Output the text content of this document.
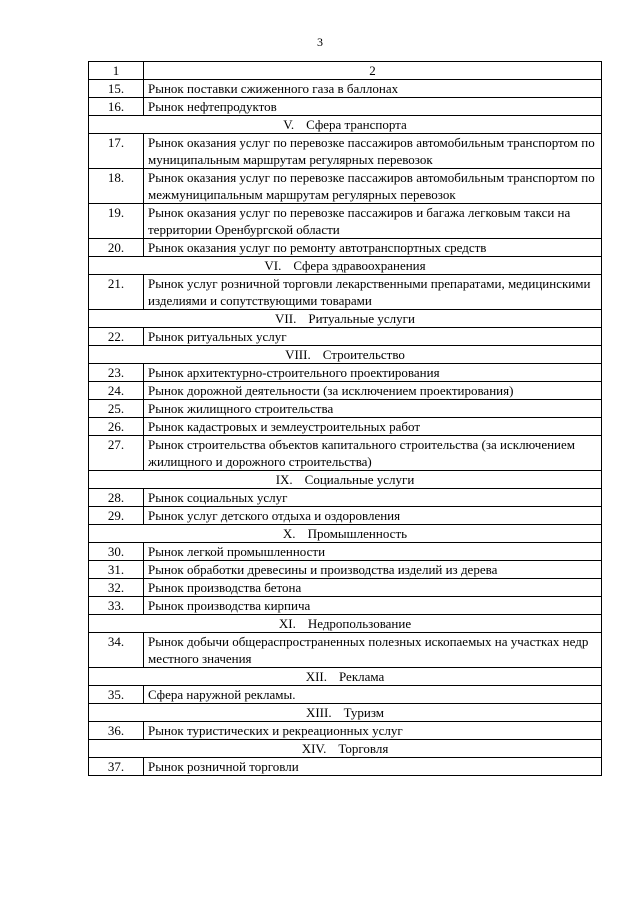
3
1	2
15.	Рынок поставки сжиженного газа в баллонах
16.	Рынок нефтепродуктов
V. Сфера транспорта	
17.	Рынок оказания услуг по перевозке пассажиров автомобильным транспортом по муниципальным маршрутам регулярных перевозок
18.	Рынок оказания услуг по перевозке пассажиров автомобильным транспортом по межмуниципальным маршрутам регулярных перевозок
19.	Рынок оказания услуг по перевозке пассажиров и багажа легковым такси на территории Оренбургской области
20.	Рынок оказания услуг по ремонту автотранспортных средств
VI. Сфера здравоохранения	
21.	Рынок услуг розничной торговли лекарственными препаратами, медицинскими изделиями и сопутствующими товарами
VII. Ритуальные услуги	
22.	Рынок ритуальных услуг
VIII. Строительство	
23.	Рынок архитектурно-строительного проектирования
24.	Рынок дорожной деятельности (за исключением проектирования)
25.	Рынок жилищного строительства
26.	Рынок кадастровых и землеустроительных работ
27.	Рынок строительства объектов капитального строительства (за исключением жилищного и дорожного строительства)
IX. Социальные услуги	
28.	Рынок социальных услуг
29.	Рынок услуг детского отдыха и оздоровления
X. Промышленность	
30.	Рынок легкой промышленности
31.	Рынок обработки древесины и производства изделий из дерева
32.	Рынок производства бетона
33.	Рынок производства кирпича
XI. Недропользование	
34.	Рынок добычи общераспространенных полезных ископаемых на участках недр местного значения
XII. Реклама	
35.	Сфера наружной рекламы.
XIII. Туризм	
36.	Рынок туристических и рекреационных услуг
XIV. Торговля	
37.	Рынок розничной торговли
